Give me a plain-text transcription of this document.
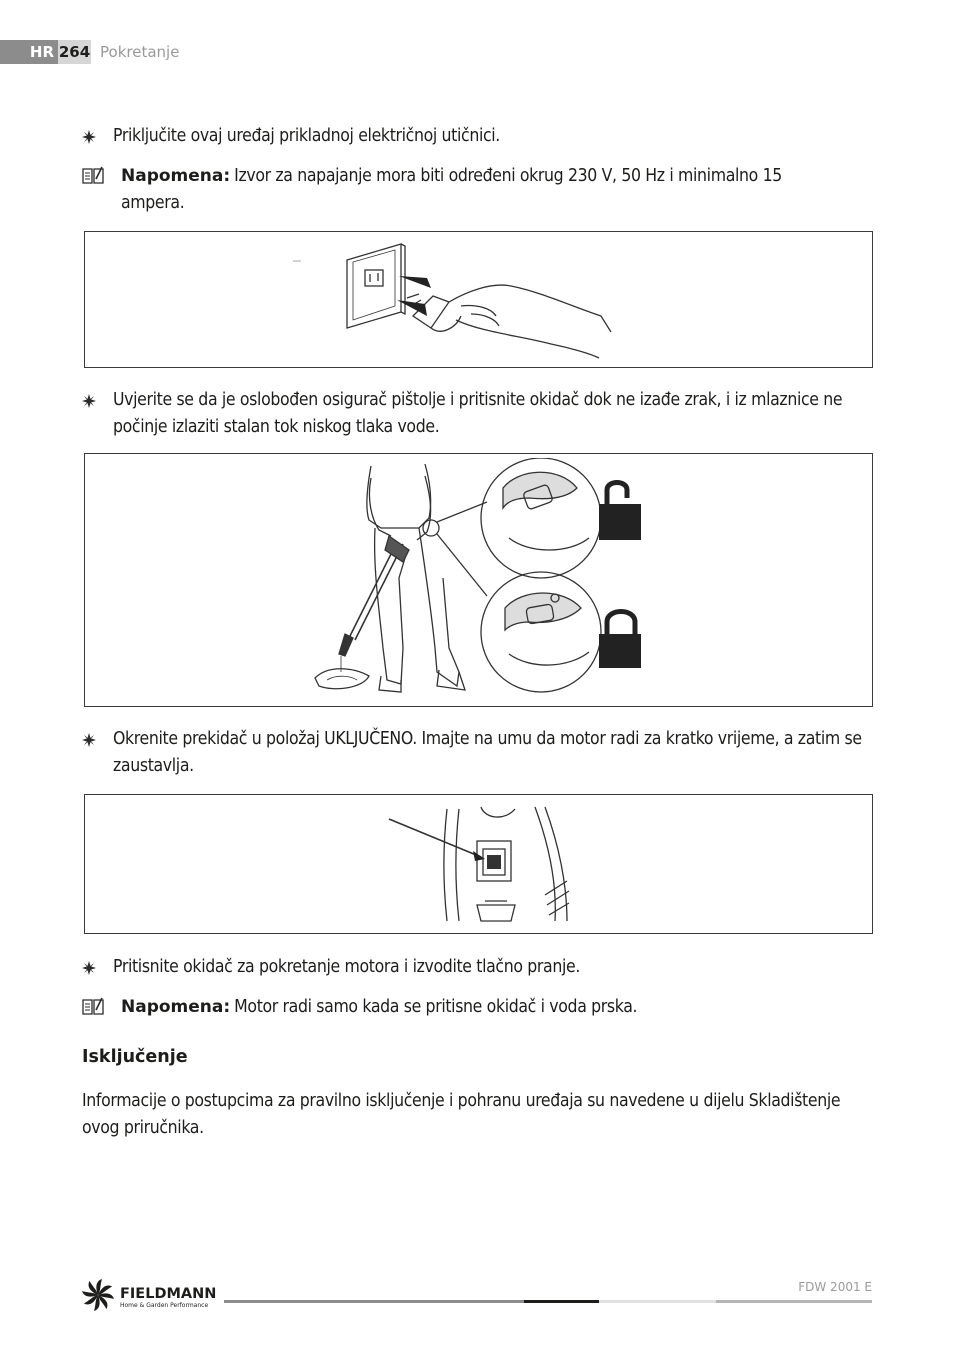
HR 264 Pokretanje
Priključite ovaj uređaj prikladnoj električnoj utičnici.
Napomena: Izvor za napajanje mora biti određeni okrug 230 V, 50 Hz i minimalno 15 ampera.
Uvjerite se da je oslobođen osigurač pištolje i pritisnite okidač dok ne izađe zrak, i iz mlaznice ne počinje izlaziti stalan tok niskog tlaka vode.
Okrenite prekidač u položaj UKLJUČENO. Imajte na umu da motor radi za kratko vrijeme, a zatim se zaustavlja.
Pritisnite okidač za pokretanje motora i izvodite tlačno pranje.
Napomena: Motor radi samo kada se pritisne okidač i voda prska.
Isključenje
Informacije o postupcima za pravilno isključenje i pohranu uređaja su navedene u dijelu Skladištenje ovog priručnika.
FIELDMANN
Home & Garden Performance
FDW 2001 E
